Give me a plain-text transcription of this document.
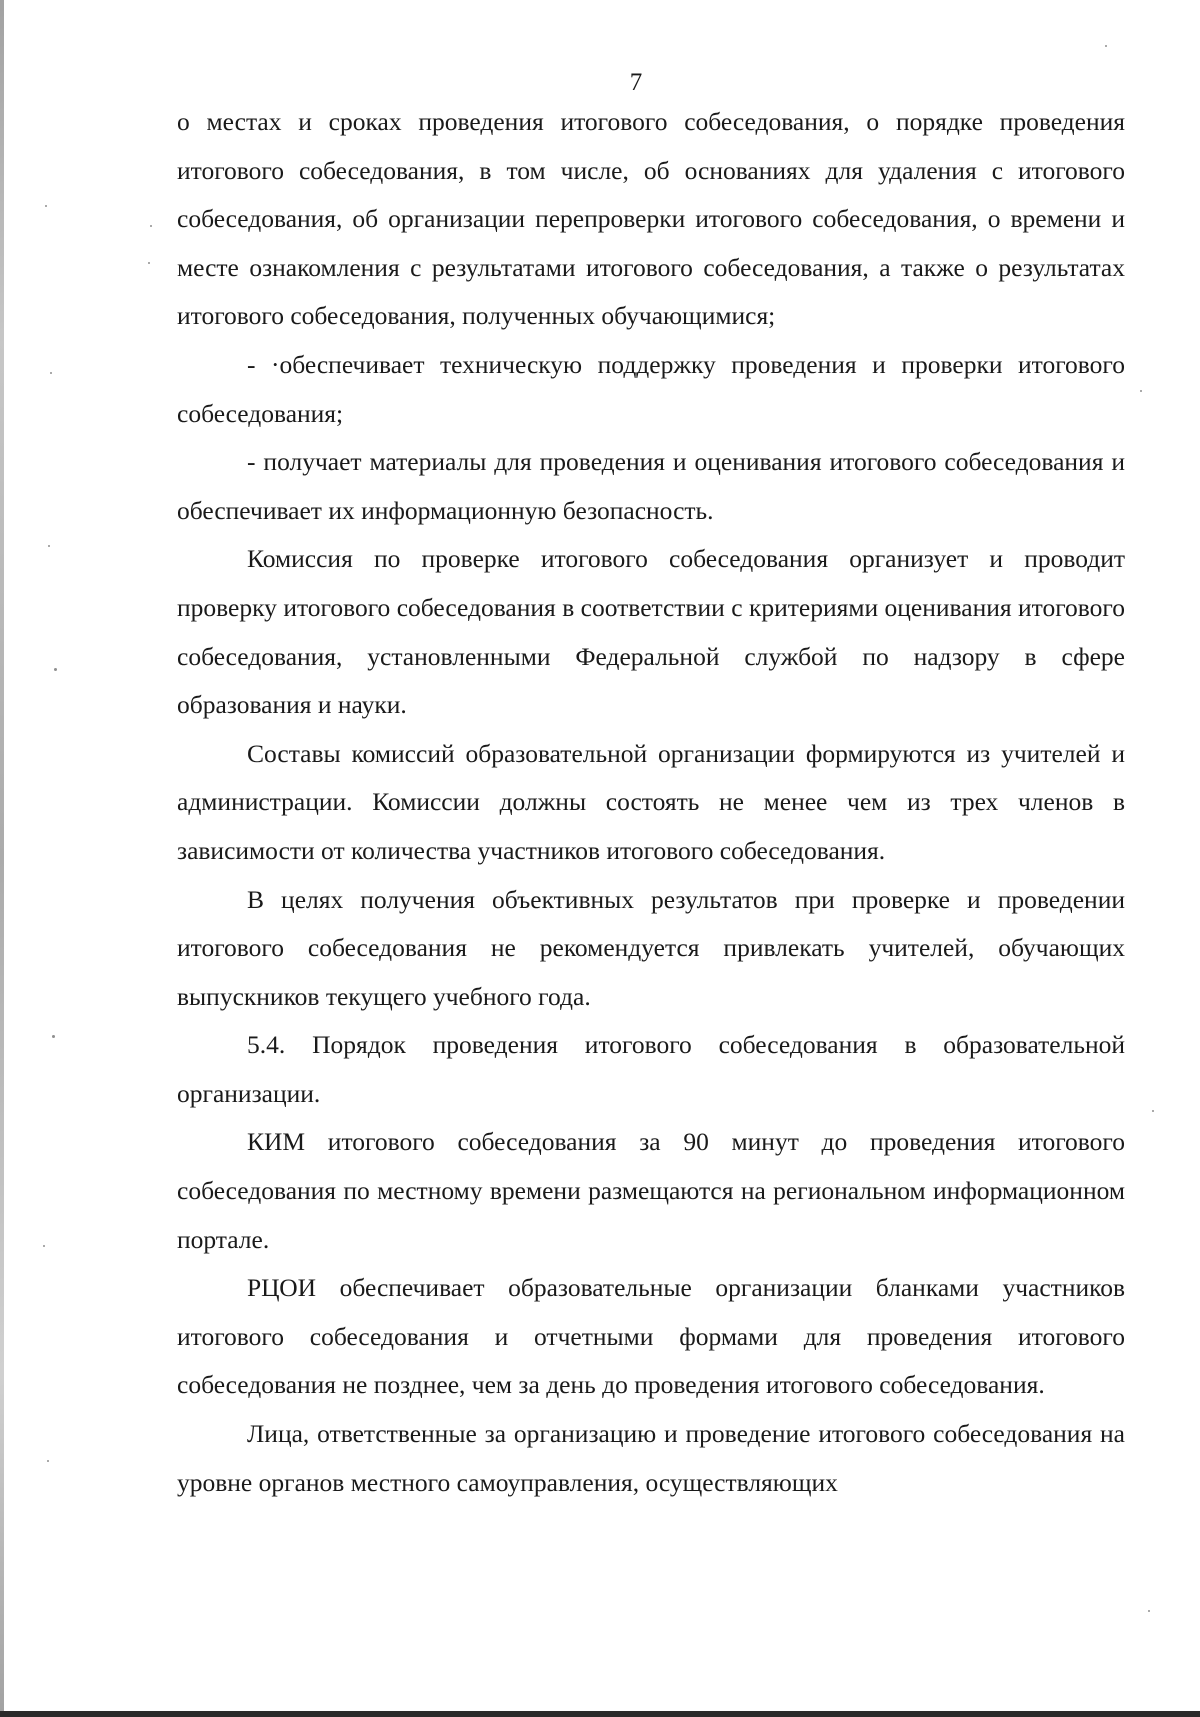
7

о местах и сроках проведения итогового собеседования, о порядке проведения итогового собеседования, в том числе, об основаниях для удаления с итогового собеседования, об организации перепроверки итогового собеседования, о времени и месте ознакомления с результатами итогового собеседования, а также о результатах итогового собеседования, полученных обучающимися;

- ·обеспечивает техническую поддержку проведения и проверки итогового собеседования;

- получает материалы для проведения и оценивания итогового собеседования и обеспечивает их информационную безопасность.

Комиссия по проверке итогового собеседования организует и проводит проверку итогового собеседования в соответствии с критериями оценивания итогового собеседования, установленными Федеральной службой по надзору в сфере образования и науки.

Составы комиссий образовательной организации формируются из учителей и администрации. Комиссии должны состоять не менее чем из трех членов в зависимости от количества участников итогового собеседования.

В целях получения объективных результатов при проверке и проведении итогового собеседования не рекомендуется привлекать учителей, обучающих выпускников текущего учебного года.

5.4. Порядок проведения итогового собеседования в образовательной организации.

КИМ итогового собеседования за 90 минут до проведения итогового собеседования по местному времени размещаются на региональном информационном портале.

РЦОИ обеспечивает образовательные организации бланками участников итогового собеседования и отчетными формами для проведения итогового собеседования не позднее, чем за день до проведения итогового собеседования.

Лица, ответственные за организацию и проведение итогового собеседования на уровне органов местного самоуправления, осуществляющих
